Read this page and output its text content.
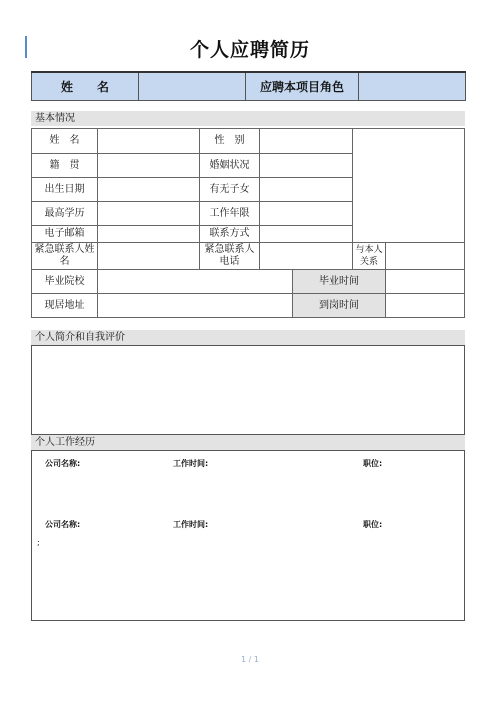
个人应聘简历
姓　　名		应聘本项目角色	
基本情况
姓　名		性　别				
籍　贯		婚姻状况				
出生日期		有无子女				
最高学历		工作年限				
电子邮箱		联系方式				
紧急联系人姓名		紧急联系人电话			与本人关系	
毕业院校				毕业时间		
现居地址				到岗时间		
个人简介和自我评价
个人工作经历
公司名称:	工作时间:	职位:
公司名称:	工作时间:	职位:
;
1 / 1
